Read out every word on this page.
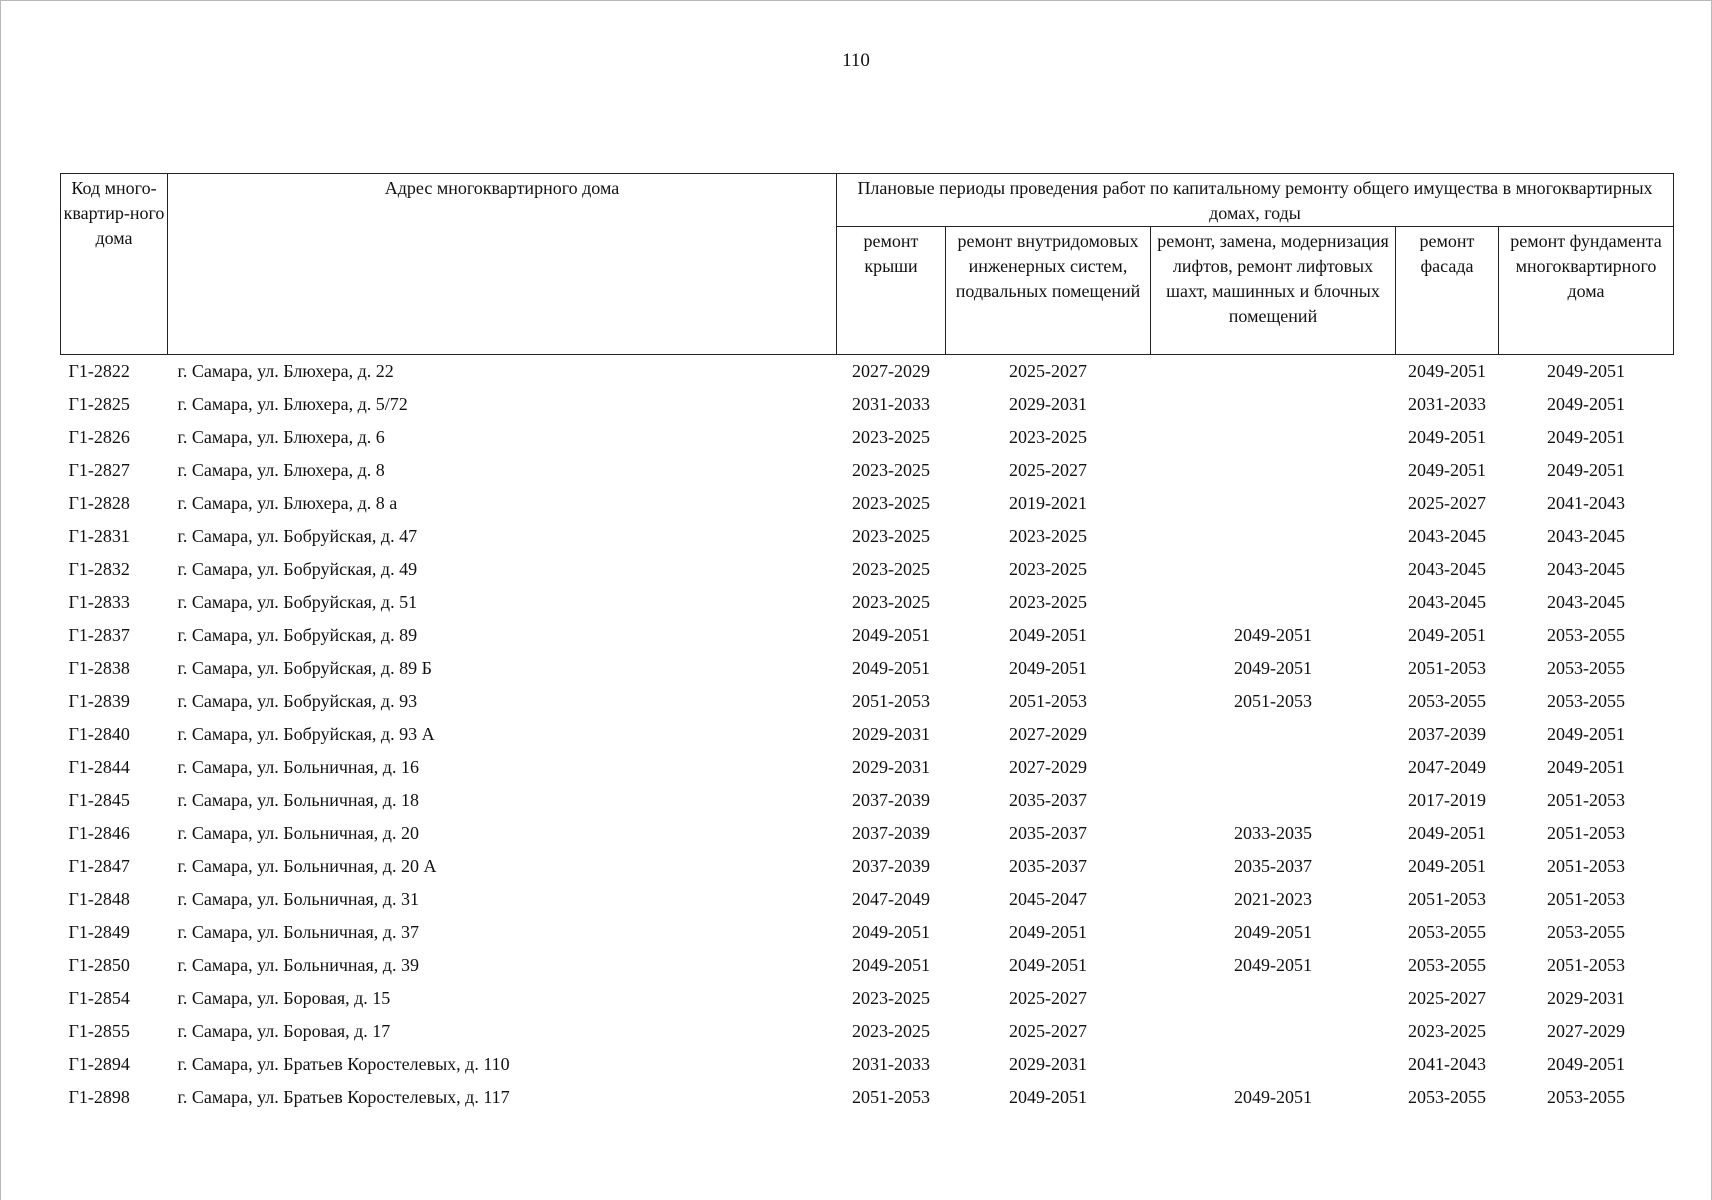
110
Код много-квартир-ного дома	Адрес многоквартирного дома	Плановые периоды проведения работ по капитальному ремонту общего имущества в многоквартирных домах, годы				
		ремонт крыши	ремонт внутридомовых инженерных систем, подвальных помещений	ремонт, замена, модернизация лифтов, ремонт лифтовых шахт, машинных и блочных помещений	ремонт фасада	ремонт фундамента многоквартирного дома
Г1-2822	г. Самара, ул. Блюхера, д. 22	2027-2029	2025-2027		2049-2051	2049-2051
Г1-2825	г. Самара, ул. Блюхера, д. 5/72	2031-2033	2029-2031		2031-2033	2049-2051
Г1-2826	г. Самара, ул. Блюхера, д. 6	2023-2025	2023-2025		2049-2051	2049-2051
Г1-2827	г. Самара, ул. Блюхера, д. 8	2023-2025	2025-2027		2049-2051	2049-2051
Г1-2828	г. Самара, ул. Блюхера, д. 8 а	2023-2025	2019-2021		2025-2027	2041-2043
Г1-2831	г. Самара, ул. Бобруйская, д. 47	2023-2025	2023-2025		2043-2045	2043-2045
Г1-2832	г. Самара, ул. Бобруйская, д. 49	2023-2025	2023-2025		2043-2045	2043-2045
Г1-2833	г. Самара, ул. Бобруйская, д. 51	2023-2025	2023-2025		2043-2045	2043-2045
Г1-2837	г. Самара, ул. Бобруйская, д. 89	2049-2051	2049-2051	2049-2051	2049-2051	2053-2055
Г1-2838	г. Самара, ул. Бобруйская, д. 89 Б	2049-2051	2049-2051	2049-2051	2051-2053	2053-2055
Г1-2839	г. Самара, ул. Бобруйская, д. 93	2051-2053	2051-2053	2051-2053	2053-2055	2053-2055
Г1-2840	г. Самара, ул. Бобруйская, д. 93 А	2029-2031	2027-2029		2037-2039	2049-2051
Г1-2844	г. Самара, ул. Больничная, д. 16	2029-2031	2027-2029		2047-2049	2049-2051
Г1-2845	г. Самара, ул. Больничная, д. 18	2037-2039	2035-2037		2017-2019	2051-2053
Г1-2846	г. Самара, ул. Больничная, д. 20	2037-2039	2035-2037	2033-2035	2049-2051	2051-2053
Г1-2847	г. Самара, ул. Больничная, д. 20 А	2037-2039	2035-2037	2035-2037	2049-2051	2051-2053
Г1-2848	г. Самара, ул. Больничная, д. 31	2047-2049	2045-2047	2021-2023	2051-2053	2051-2053
Г1-2849	г. Самара, ул. Больничная, д. 37	2049-2051	2049-2051	2049-2051	2053-2055	2053-2055
Г1-2850	г. Самара, ул. Больничная, д. 39	2049-2051	2049-2051	2049-2051	2053-2055	2051-2053
Г1-2854	г. Самара, ул. Боровая, д. 15	2023-2025	2025-2027		2025-2027	2029-2031
Г1-2855	г. Самара, ул. Боровая, д. 17	2023-2025	2025-2027		2023-2025	2027-2029
Г1-2894	г. Самара, ул. Братьев Коростелевых, д. 110	2031-2033	2029-2031		2041-2043	2049-2051
Г1-2898	г. Самара, ул. Братьев Коростелевых, д. 117	2051-2053	2049-2051	2049-2051	2053-2055	2053-2055
